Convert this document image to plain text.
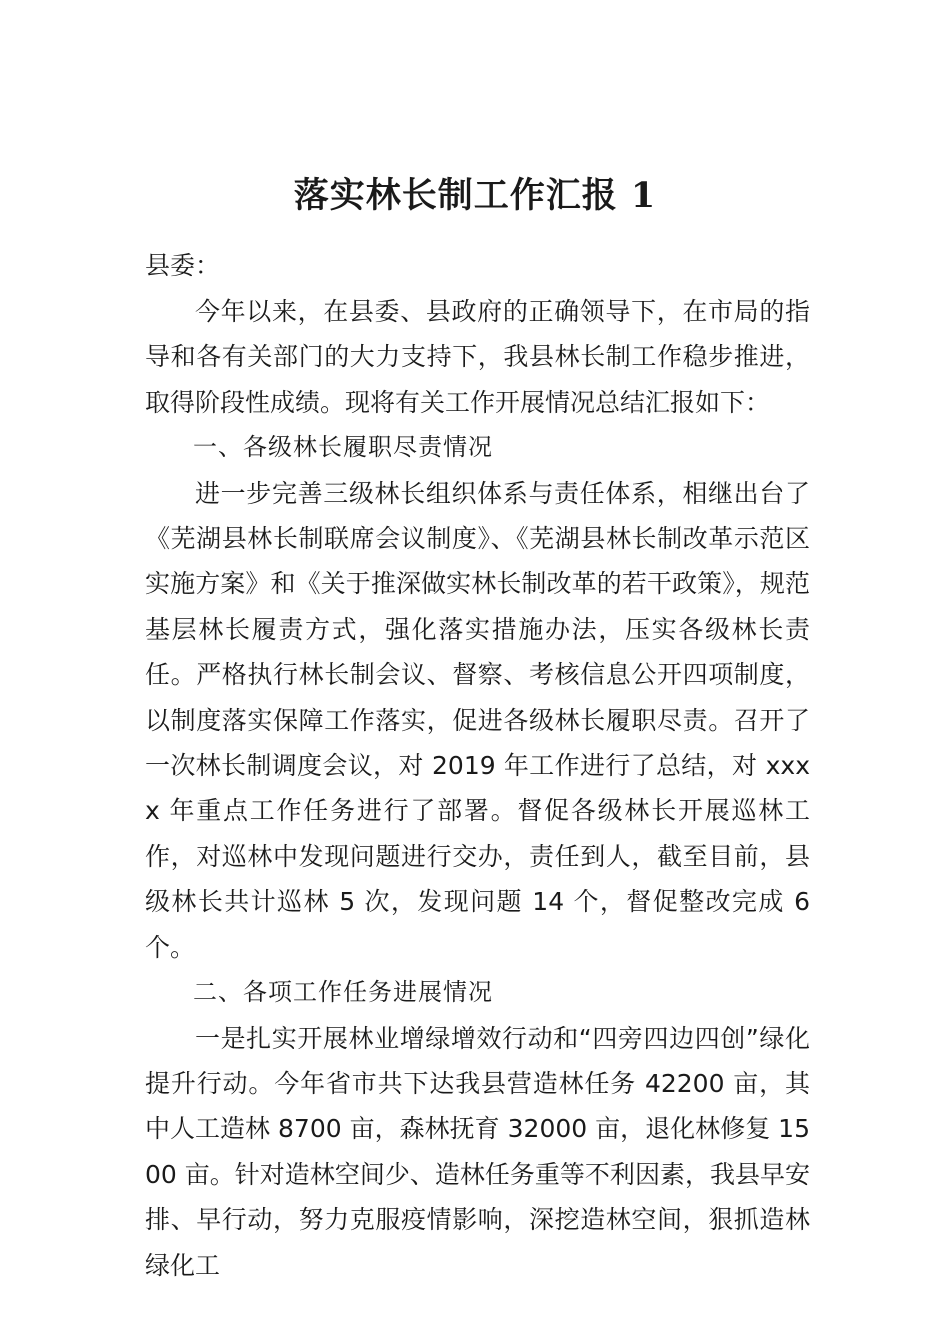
落实林长制工作汇报 1
县委：

今年以来，在县委、县政府的正确领导下，在市局的指导和各有关部门的大力支持下，我县林长制工作稳步推进， 取得阶段性成绩。现将有关工作开展情况总结汇报如下：

一、各级林长履职尽责情况

进一步完善三级林长组织体系与责任体系，相继出台了《芜湖县林长制联席会议制度》、《芜湖县林长制改革示范区实施方案》和《关于推深做实林长制改革的若干政策》，规范基层林长履责方式，强化落实措施办法，压实各级林长责任。严格执行林长制会议、督察、考核信息公开四项制度，以制度落实保障工作落实，促进各级林长履职尽责。召开了一次林长制调度会议，对 2019 年工作进行了总结，对 xxxx 年重点工作任务进行了部署。督促各级林长开展巡林工作，对巡林中发现问题进行交办，责任到人，截至目前，县级林长共计巡林 5 次，发现问题 14 个，督促整改完成 6 个。

二、各项工作任务进展情况

一是扎实开展林业增绿增效行动和“四旁四边四创”绿化提升行动。今年省市共下达我县营造林任务 42200 亩，其中人工造林 8700 亩，森林抚育 32000 亩，退化林修复 1500 亩。针对造林空间少、造林任务重等不利因素，我县早安排、早行动，努力克服疫情影响，深挖造林空间，狠抓造林绿化工
